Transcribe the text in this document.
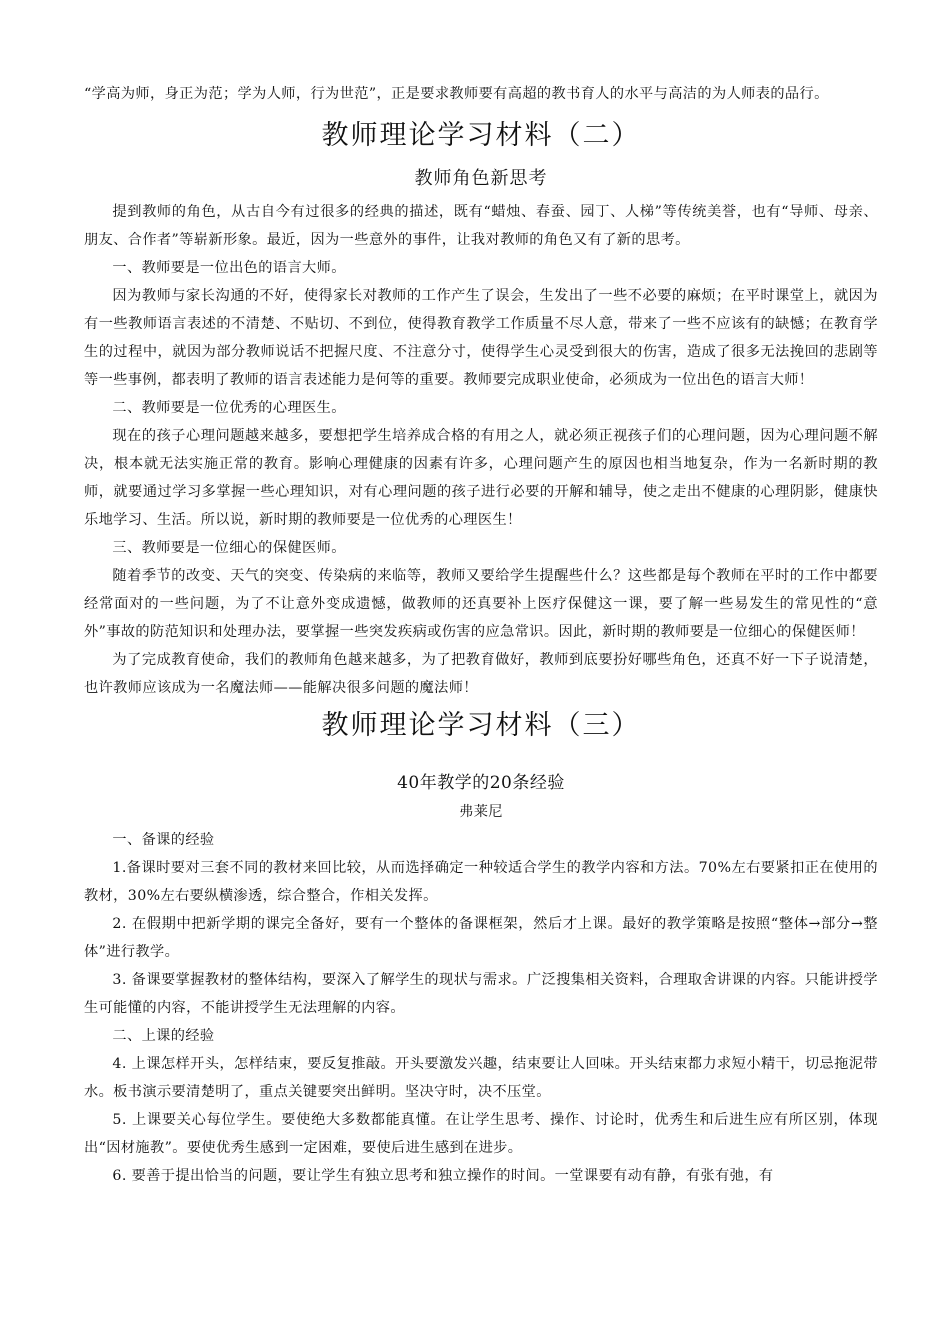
“学高为师，身正为范；学为人师，行为世范”，正是要求教师要有高超的教书育人的水平与高洁的为人师表的品行。

教师理论学习材料（二）
教师角色新思考

提到教师的角色，从古自今有过很多的经典的描述，既有“蜡烛、春蚕、园丁、人梯”等传统美誉，也有“导师、母亲、朋友、合作者”等崭新形象。最近，因为一些意外的事件，让我对教师的角色又有了新的思考。

一、教师要是一位出色的语言大师。

因为教师与家长沟通的不好，使得家长对教师的工作产生了误会，生发出了一些不必要的麻烦；在平时课堂上，就因为有一些教师语言表述的不清楚、不贴切、不到位，使得教育教学工作质量不尽人意，带来了一些不应该有的缺憾；在教育学生的过程中，就因为部分教师说话不把握尺度、不注意分寸，使得学生心灵受到很大的伤害，造成了很多无法挽回的悲剧等等一些事例，都表明了教师的语言表述能力是何等的重要。教师要完成职业使命，必须成为一位出色的语言大师！

二、教师要是一位优秀的心理医生。

现在的孩子心理问题越来越多，要想把学生培养成合格的有用之人，就必须正视孩子们的心理问题，因为心理问题不解决，根本就无法实施正常的教育。影响心理健康的因素有许多，心理问题产生的原因也相当地复杂，作为一名新时期的教师，就要通过学习多掌握一些心理知识，对有心理问题的孩子进行必要的开解和辅导，使之走出不健康的心理阴影，健康快乐地学习、生活。所以说，新时期的教师要是一位优秀的心理医生！

三、教师要是一位细心的保健医师。

随着季节的改变、天气的突变、传染病的来临等，教师又要给学生提醒些什么？这些都是每个教师在平时的工作中都要经常面对的一些问题，为了不让意外变成遗憾，做教师的还真要补上医疗保健这一课，要了解一些易发生的常见性的“意外”事故的防范知识和处理办法，要掌握一些突发疾病或伤害的应急常识。因此，新时期的教师要是一位细心的保健医师！

为了完成教育使命，我们的教师角色越来越多，为了把教育做好，教师到底要扮好哪些角色，还真不好一下子说清楚，也许教师应该成为一名魔法师——能解决很多问题的魔法师！

教师理论学习材料（三）
40年教学的20条经验
弗莱尼

一、备课的经验

1.备课时要对三套不同的教材来回比较，从而选择确定一种较适合学生的教学内容和方法。70%左右要紧扣正在使用的教材，30%左右要纵横渗透，综合整合，作相关发挥。

2. 在假期中把新学期的课完全备好，要有一个整体的备课框架，然后才上课。最好的教学策略是按照“整体→部分→整体”进行教学。

3. 备课要掌握教材的整体结构，要深入了解学生的现状与需求。广泛搜集相关资料，合理取舍讲课的内容。只能讲授学生可能懂的内容，不能讲授学生无法理解的内容。

二、上课的经验

4. 上课怎样开头，怎样结束，要反复推敲。开头要激发兴趣，结束要让人回味。开头结束都力求短小精干，切忌拖泥带水。板书演示要清楚明了，重点关键要突出鲜明。坚决守时，决不压堂。

5. 上课要关心每位学生。要使绝大多数都能真懂。在让学生思考、操作、讨论时，优秀生和后进生应有所区别，体现出“因材施教”。要使优秀生感到一定困难，要使后进生感到在进步。

6. 要善于提出恰当的问题，要让学生有独立思考和独立操作的时间。一堂课要有动有静，有张有弛，有
